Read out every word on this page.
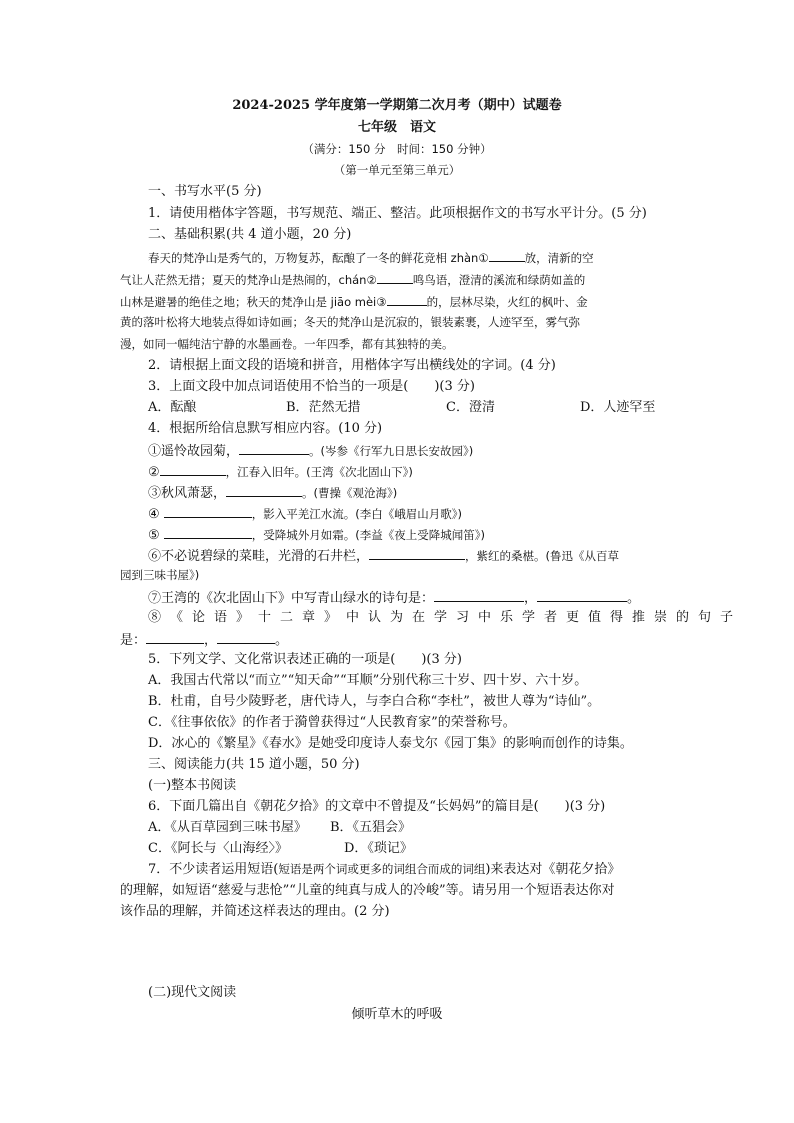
2024-2025 学年度第一学期第二次月考（期中）试题卷
七年级　语文
（满分：150 分　时间：150 分钟）
（第一单元至第三单元）
一、书写水平(5 分)
1．请使用楷体字答题，书写规范、端正、整洁。此项根据作文的书写水平计分。(5 分)
二、基础积累(共 4 道小题，20 分)
春天的梵净山是秀气的，万物复苏，酝酿了一冬的鲜花竞相 zhàn①	放，清新的空
气让人茫然无措；夏天的梵净山是热闹的，chán②	鸣鸟语，澄清的溪流和绿荫如盖的
山林是避暑的绝佳之地；秋天的梵净山是 jiāo mèi③	的，层林尽染，火红的枫叶、金
黄的落叶松将大地装点得如诗如画；冬天的梵净山是沉寂的，银装素裹，人迹罕至，雾气弥
漫，如同一幅纯洁宁静的水墨画卷。一年四季，都有其独特的美。
2．请根据上面文段的语境和拼音，用楷体字写出横线处的字词。(4 分)
3．上面文段中加点词语使用不恰当的一项是(　　)(3 分)
A．酝酿	B．茫然无措	C．澄清	D．人迹罕至
4．根据所给信息默写相应内容。(10 分)
①遥怜故园菊，	。(岑参《行军九日思长安故园》)
②	，江春入旧年。(王湾《次北固山下》)
③秋风萧瑟，	。(曹操《观沧海》)
④	，影入平羌江水流。(李白《峨眉山月歌》)
⑤	，受降城外月如霜。(李益《夜上受降城闻笛》)
⑥不必说碧绿的菜畦，光滑的石井栏，	，紫红的桑椹。(鲁迅《从百草
园到三味书屋》)
⑦王湾的《次北固山下》中写青山绿水的诗句是：	，	。
⑧《论语》十二章》中认为在学习中乐学者更值得推崇的句子
是：	，	。
5．下列文学、文化常识表述正确的一项是(　　)(3 分)
A．我国古代常以“而立”“知天命”“耳顺”分别代称三十岁、四十岁、六十岁。
B．杜甫，自号少陵野老，唐代诗人，与李白合称“李杜”，被世人尊为“诗仙”。
C．《往事依依》的作者于漪曾获得过“人民教育家”的荣誉称号。
D．冰心的《繁星》《春水》是她受印度诗人泰戈尔《园丁集》的影响而创作的诗集。
三、阅读能力(共 15 道小题，50 分)
(一)整本书阅读
6．下面几篇出自《朝花夕拾》的文章中不曾提及“长妈妈”的篇目是(　　)(3 分)
A．《从百草园到三味书屋》 B．《五猖会》
C．《阿长与〈山海经〉》	D．《琐记》
7．不少读者运用短语(短语是两个词或更多的词组合而成的词组)来表达对《朝花夕拾》
的理解，如短语“慈爱与悲怆”“儿童的纯真与成人的冷峻”等。请另用一个短语表达你对
该作品的理解，并简述这样表达的理由。(2 分)
(二)现代文阅读
倾听草木的呼吸
